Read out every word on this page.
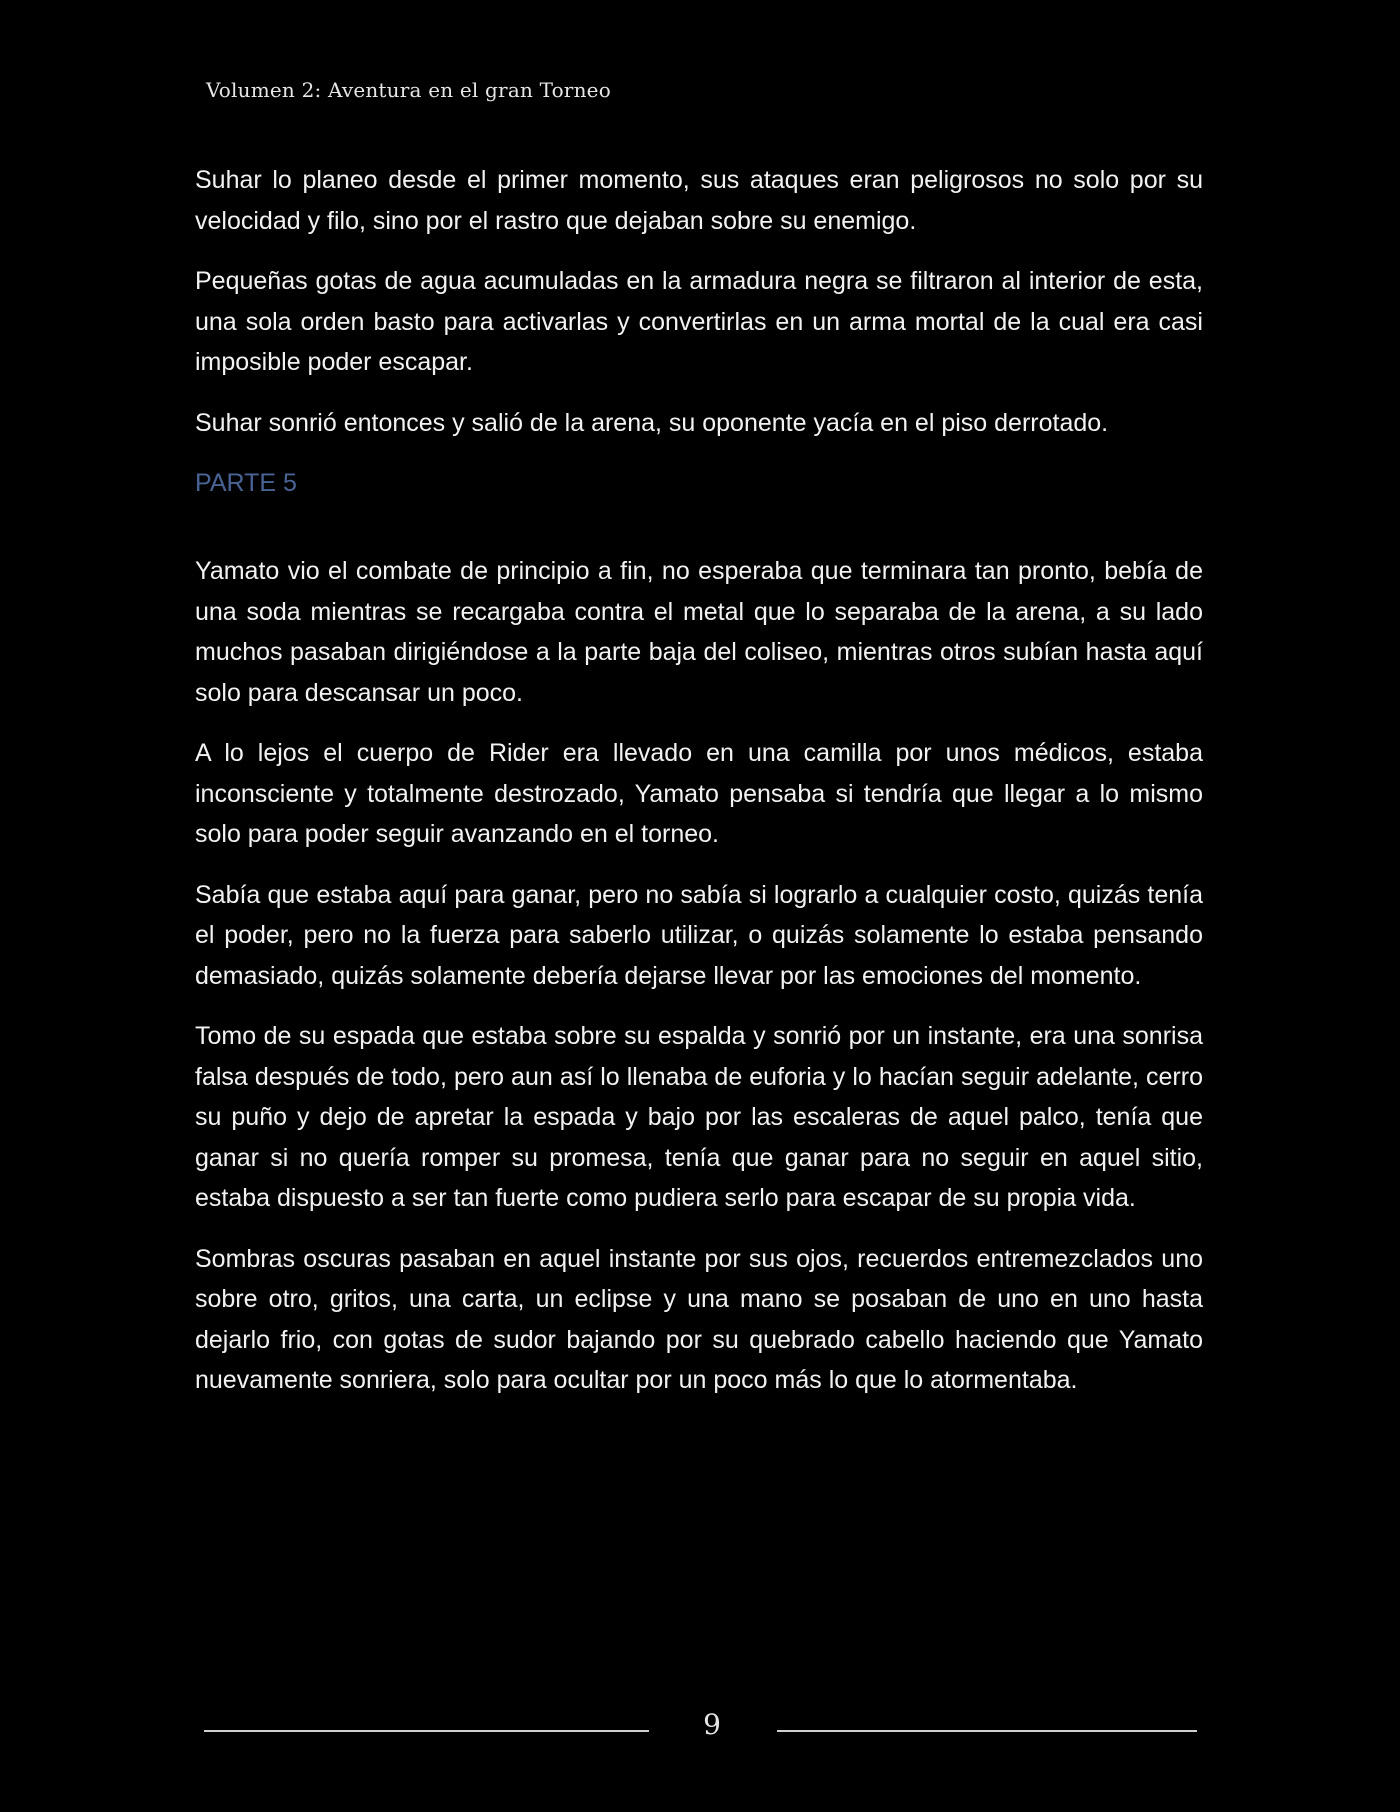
Volumen 2: Aventura en el gran Torneo

Suhar lo planeo desde el primer momento, sus ataques eran peligrosos no solo por su velocidad y filo, sino por el rastro que dejaban sobre su enemigo.

Pequeñas gotas de agua acumuladas en la armadura negra se filtraron al interior de esta, una sola orden basto para activarlas y convertirlas en un arma mortal de la cual era casi imposible poder escapar.

Suhar sonrió entonces y salió de la arena, su oponente yacía en el piso derrotado.

PARTE 5

Yamato vio el combate de principio a fin, no esperaba que terminara tan pronto, bebía de una soda mientras se recargaba contra el metal que lo separaba de la arena, a su lado muchos pasaban dirigiéndose a la parte baja del coliseo, mientras otros subían hasta aquí solo para descansar un poco.

A lo lejos el cuerpo de Rider era llevado en una camilla por unos médicos, estaba inconsciente y totalmente destrozado, Yamato pensaba si tendría que llegar a lo mismo solo para poder seguir avanzando en el torneo.

Sabía que estaba aquí para ganar, pero no sabía si lograrlo a cualquier costo, quizás tenía el poder, pero no la fuerza para saberlo utilizar, o quizás solamente lo estaba pensando demasiado, quizás solamente debería dejarse llevar por las emociones del momento.

Tomo de su espada que estaba sobre su espalda y sonrió por un instante, era una sonrisa falsa después de todo, pero aun así lo llenaba de euforia y lo hacían seguir adelante, cerro su puño y dejo de apretar la espada y bajo por las escaleras de aquel palco, tenía que ganar si no quería romper su promesa, tenía que ganar para no seguir en aquel sitio, estaba dispuesto a ser tan fuerte como pudiera serlo para escapar de su propia vida.

Sombras oscuras pasaban en aquel instante por sus ojos, recuerdos entremezclados uno sobre otro, gritos, una carta, un eclipse y una mano se posaban de uno en uno hasta dejarlo frio, con gotas de sudor bajando por su quebrado cabello haciendo que Yamato nuevamente sonriera, solo para ocultar por un poco más lo que lo atormentaba.

9
